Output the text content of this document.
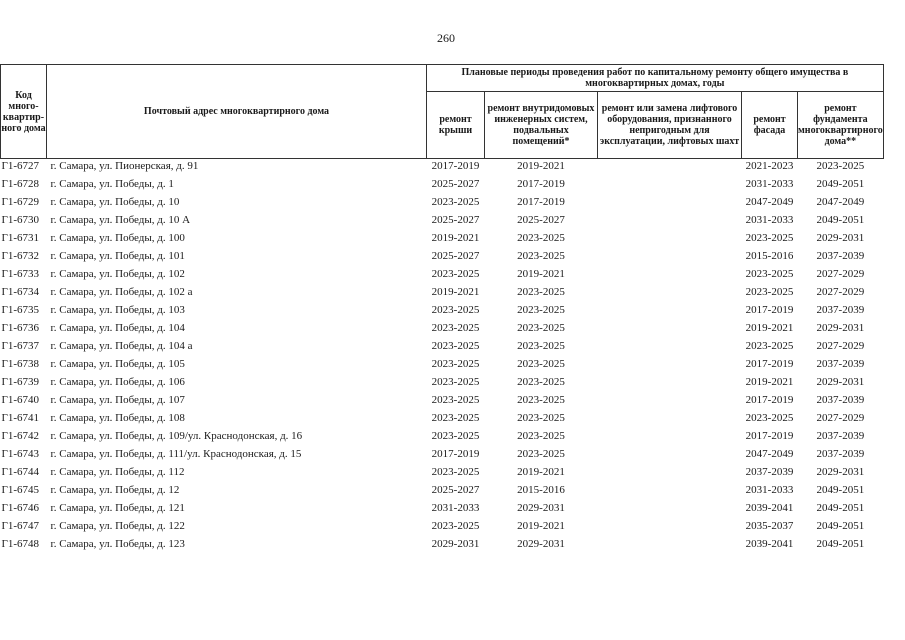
260
Код много-квартир-ного дома	Почтовый адрес многоквартирного дома	Плановые периоды проведения работ по капитальному ремонту общего имущества в многоквартирных домах, годы				
		ремонт крыши	ремонт внутридомовых инженерных систем, подвальных помещений*	ремонт или замена лифтового оборудования, признанного непригодным для эксплуатации, лифтовых шахт	ремонт фасада	ремонт фундамента многоквартирного дома**
Г1-6727	г. Самара, ул. Пионерская, д. 91	2017-2019	2019-2021		2021-2023	2023-2025
Г1-6728	г. Самара, ул. Победы, д. 1	2025-2027	2017-2019		2031-2033	2049-2051
Г1-6729	г. Самара, ул. Победы, д. 10	2023-2025	2017-2019		2047-2049	2047-2049
Г1-6730	г. Самара, ул. Победы, д. 10 А	2025-2027	2025-2027		2031-2033	2049-2051
Г1-6731	г. Самара, ул. Победы, д. 100	2019-2021	2023-2025		2023-2025	2029-2031
Г1-6732	г. Самара, ул. Победы, д. 101	2025-2027	2023-2025		2015-2016	2037-2039
Г1-6733	г. Самара, ул. Победы, д. 102	2023-2025	2019-2021		2023-2025	2027-2029
Г1-6734	г. Самара, ул. Победы, д. 102 а	2019-2021	2023-2025		2023-2025	2027-2029
Г1-6735	г. Самара, ул. Победы, д. 103	2023-2025	2023-2025		2017-2019	2037-2039
Г1-6736	г. Самара, ул. Победы, д. 104	2023-2025	2023-2025		2019-2021	2029-2031
Г1-6737	г. Самара, ул. Победы, д. 104 а	2023-2025	2023-2025		2023-2025	2027-2029
Г1-6738	г. Самара, ул. Победы, д. 105	2023-2025	2023-2025		2017-2019	2037-2039
Г1-6739	г. Самара, ул. Победы, д. 106	2023-2025	2023-2025		2019-2021	2029-2031
Г1-6740	г. Самара, ул. Победы, д. 107	2023-2025	2023-2025		2017-2019	2037-2039
Г1-6741	г. Самара, ул. Победы, д. 108	2023-2025	2023-2025		2023-2025	2027-2029
Г1-6742	г. Самара, ул. Победы, д. 109/ул. Краснодонская, д. 16	2023-2025	2023-2025		2017-2019	2037-2039
Г1-6743	г. Самара, ул. Победы, д. 111/ул. Краснодонская, д. 15	2017-2019	2023-2025		2047-2049	2037-2039
Г1-6744	г. Самара, ул. Победы, д. 112	2023-2025	2019-2021		2037-2039	2029-2031
Г1-6745	г. Самара, ул. Победы, д. 12	2025-2027	2015-2016		2031-2033	2049-2051
Г1-6746	г. Самара, ул. Победы, д. 121	2031-2033	2029-2031		2039-2041	2049-2051
Г1-6747	г. Самара, ул. Победы, д. 122	2023-2025	2019-2021		2035-2037	2049-2051
Г1-6748	г. Самара, ул. Победы, д. 123	2029-2031	2029-2031		2039-2041	2049-2051
